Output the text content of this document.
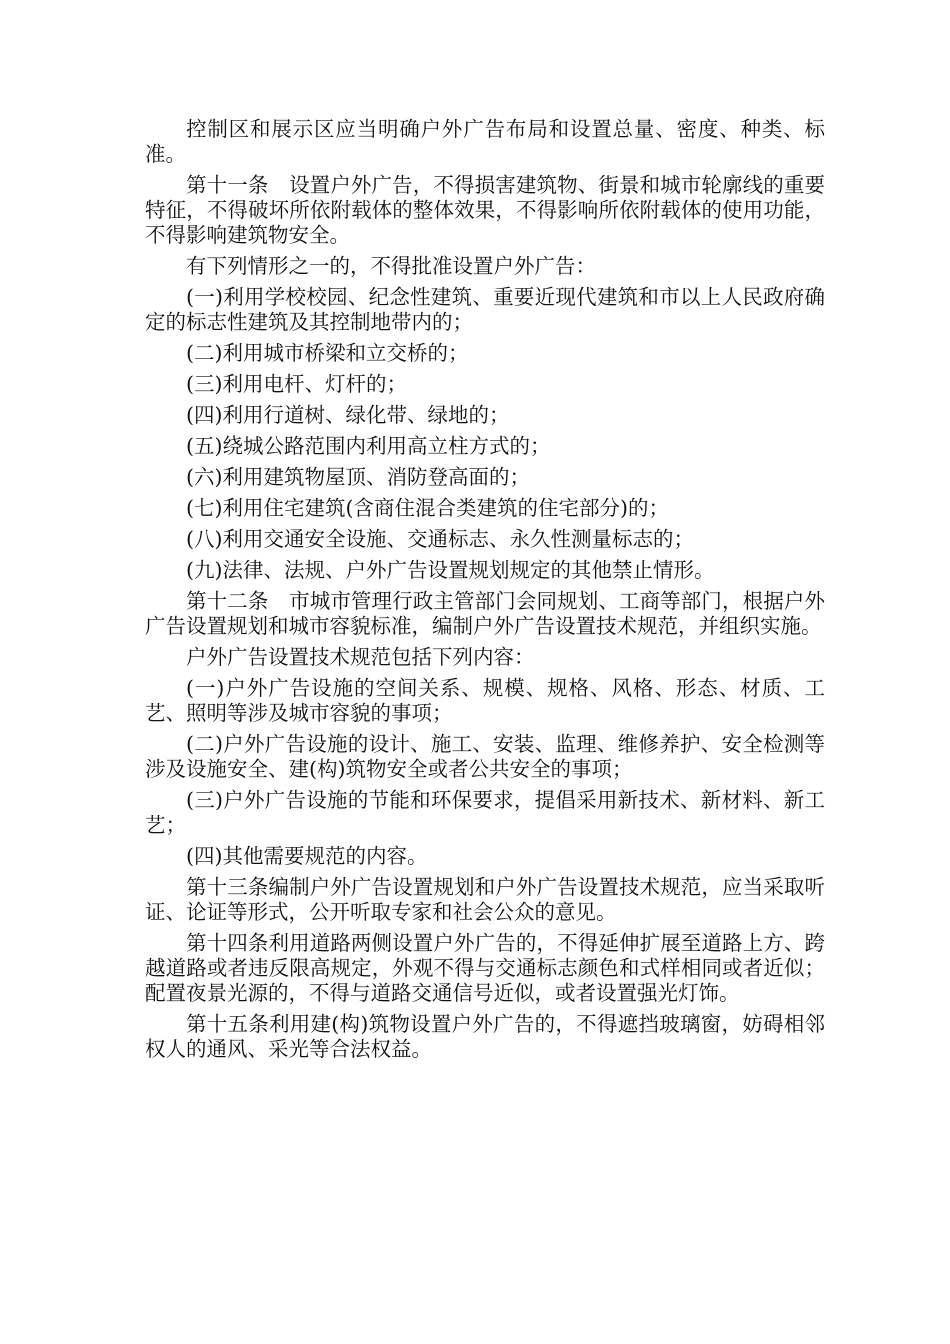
控制区和展示区应当明确户外广告布局和设置总量、密度、种类、标准。

第十一条　设置户外广告，不得损害建筑物、街景和城市轮廓线的重要特征，不得破坏所依附载体的整体效果，不得影响所依附载体的使用功能，不得影响建筑物安全。

有下列情形之一的，不得批准设置户外广告：

(一)利用学校校园、纪念性建筑、重要近现代建筑和市以上人民政府确定的标志性建筑及其控制地带内的；

(二)利用城市桥梁和立交桥的；

(三)利用电杆、灯杆的；

(四)利用行道树、绿化带、绿地的；

(五)绕城公路范围内利用高立柱方式的；

(六)利用建筑物屋顶、消防登高面的；

(七)利用住宅建筑(含商住混合类建筑的住宅部分)的；

(八)利用交通安全设施、交通标志、永久性测量标志的；

(九)法律、法规、户外广告设置规划规定的其他禁止情形。

第十二条　市城市管理行政主管部门会同规划、工商等部门，根据户外广告设置规划和城市容貌标准，编制户外广告设置技术规范，并组织实施。

户外广告设置技术规范包括下列内容：

(一)户外广告设施的空间关系、规模、规格、风格、形态、材质、工艺、照明等涉及城市容貌的事项；

(二)户外广告设施的设计、施工、安装、监理、维修养护、安全检测等涉及设施安全、建(构)筑物安全或者公共安全的事项；

(三)户外广告设施的节能和环保要求，提倡采用新技术、新材料、新工艺；

(四)其他需要规范的内容。

第十三条编制户外广告设置规划和户外广告设置技术规范，应当采取听证、论证等形式，公开听取专家和社会公众的意见。

第十四条利用道路两侧设置户外广告的，不得延伸扩展至道路上方、跨越道路或者违反限高规定，外观不得与交通标志颜色和式样相同或者近似；配置夜景光源的，不得与道路交通信号近似，或者设置强光灯饰。

第十五条利用建(构)筑物设置户外广告的，不得遮挡玻璃窗，妨碍相邻权人的通风、采光等合法权益。
